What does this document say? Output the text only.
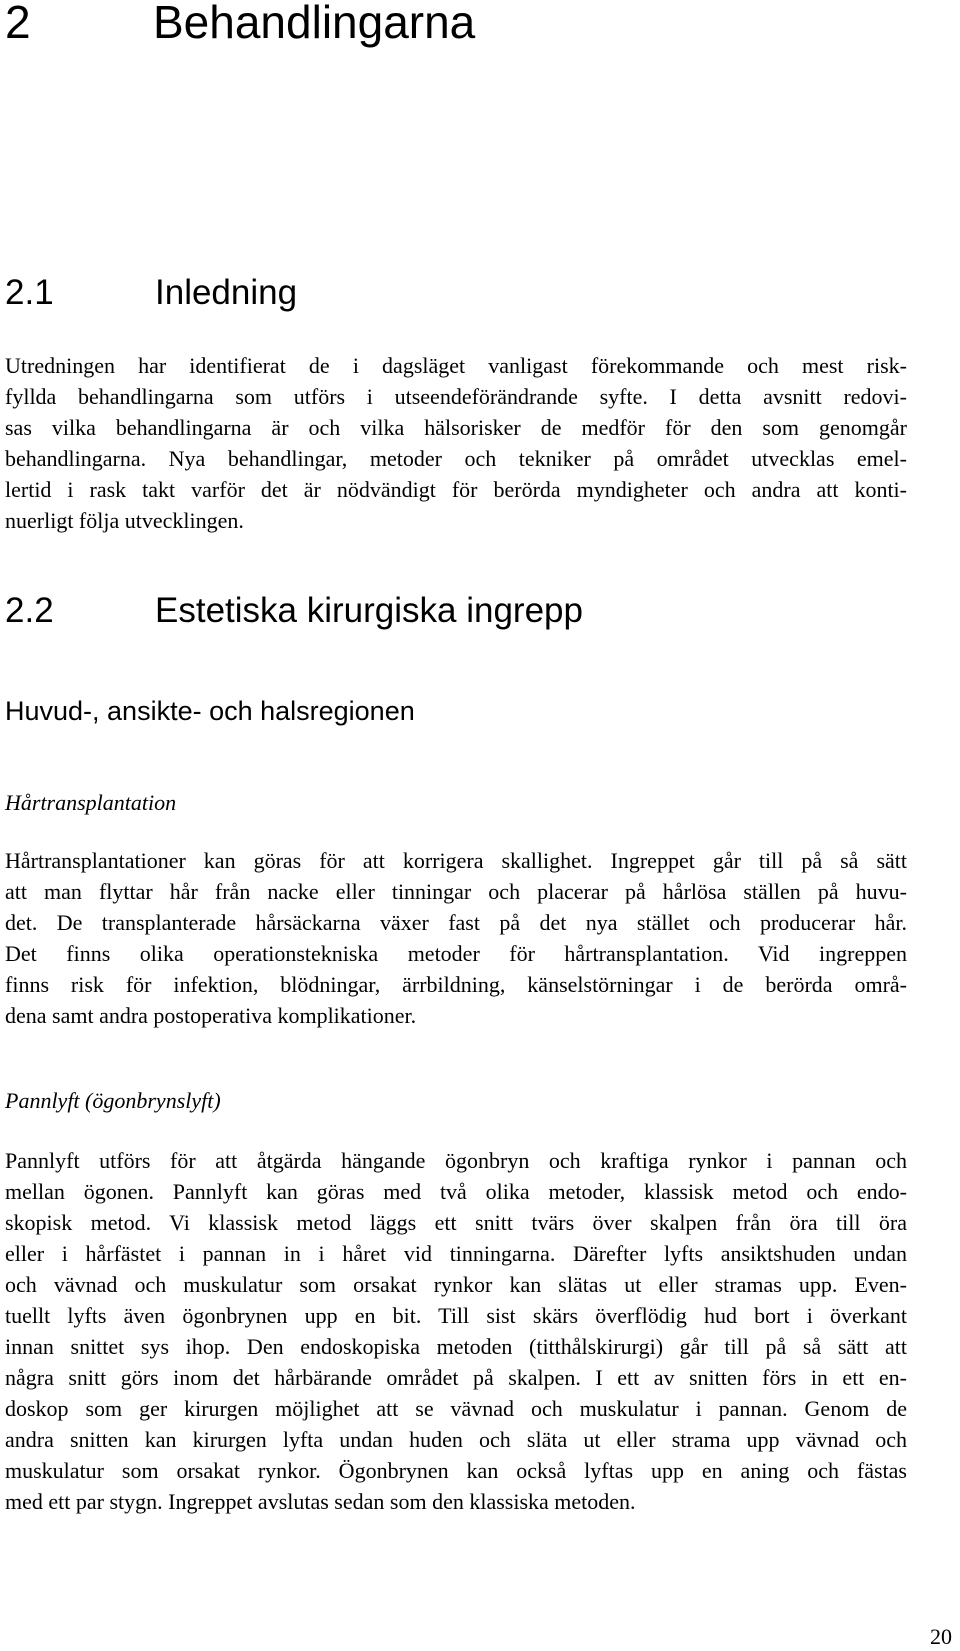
2	Behandlingarna
2.1	Inledning

Utredningen har identifierat de i dagsläget vanligast förekommande och mest risk-
fyllda behandlingarna som utförs i utseendeförändrande syfte. I detta avsnitt redovi-
sas vilka behandlingarna är och vilka hälsorisker de medför för den som genomgår
behandlingarna. Nya behandlingar, metoder och tekniker på området utvecklas emel-
lertid i rask takt varför det är nödvändigt för berörda myndigheter och andra att konti-
nuerligt följa utvecklingen.

2.2	Estetiska kirurgiska ingrepp
Huvud-, ansikte- och halsregionen
Hårtransplantation

Hårtransplantationer kan göras för att korrigera skallighet. Ingreppet går till på så sätt
att man flyttar hår från nacke eller tinningar och placerar på hårlösa ställen på huvu-
det. De transplanterade hårsäckarna växer fast på det nya stället och producerar hår.
Det finns olika operationstekniska metoder för hårtransplantation. Vid ingreppen
finns risk för infektion, blödningar, ärrbildning, känselstörningar i de berörda områ-
dena samt andra postoperativa komplikationer.

Pannlyft (ögonbrynslyft)

Pannlyft utförs för att åtgärda hängande ögonbryn och kraftiga rynkor i pannan och
mellan ögonen. Pannlyft kan göras med två olika metoder, klassisk metod och endo-
skopisk metod. Vi klassisk metod läggs ett snitt tvärs över skalpen från öra till öra
eller i hårfästet i pannan in i håret vid tinningarna. Därefter lyfts ansiktshuden undan
och vävnad och muskulatur som orsakat rynkor kan slätas ut eller stramas upp. Even-
tuellt lyfts även ögonbrynen upp en bit. Till sist skärs överflödig hud bort i överkant
innan snittet sys ihop. Den endoskopiska metoden (titthålskirurgi) går till på så sätt att
några snitt görs inom det hårbärande området på skalpen. I ett av snitten förs in ett en-
doskop som ger kirurgen möjlighet att se vävnad och muskulatur i pannan. Genom de
andra snitten kan kirurgen lyfta undan huden och släta ut eller strama upp vävnad och
muskulatur som orsakat rynkor. Ögonbrynen kan också lyftas upp en aning och fästas
med ett par stygn. Ingreppet avslutas sedan som den klassiska metoden.

20
